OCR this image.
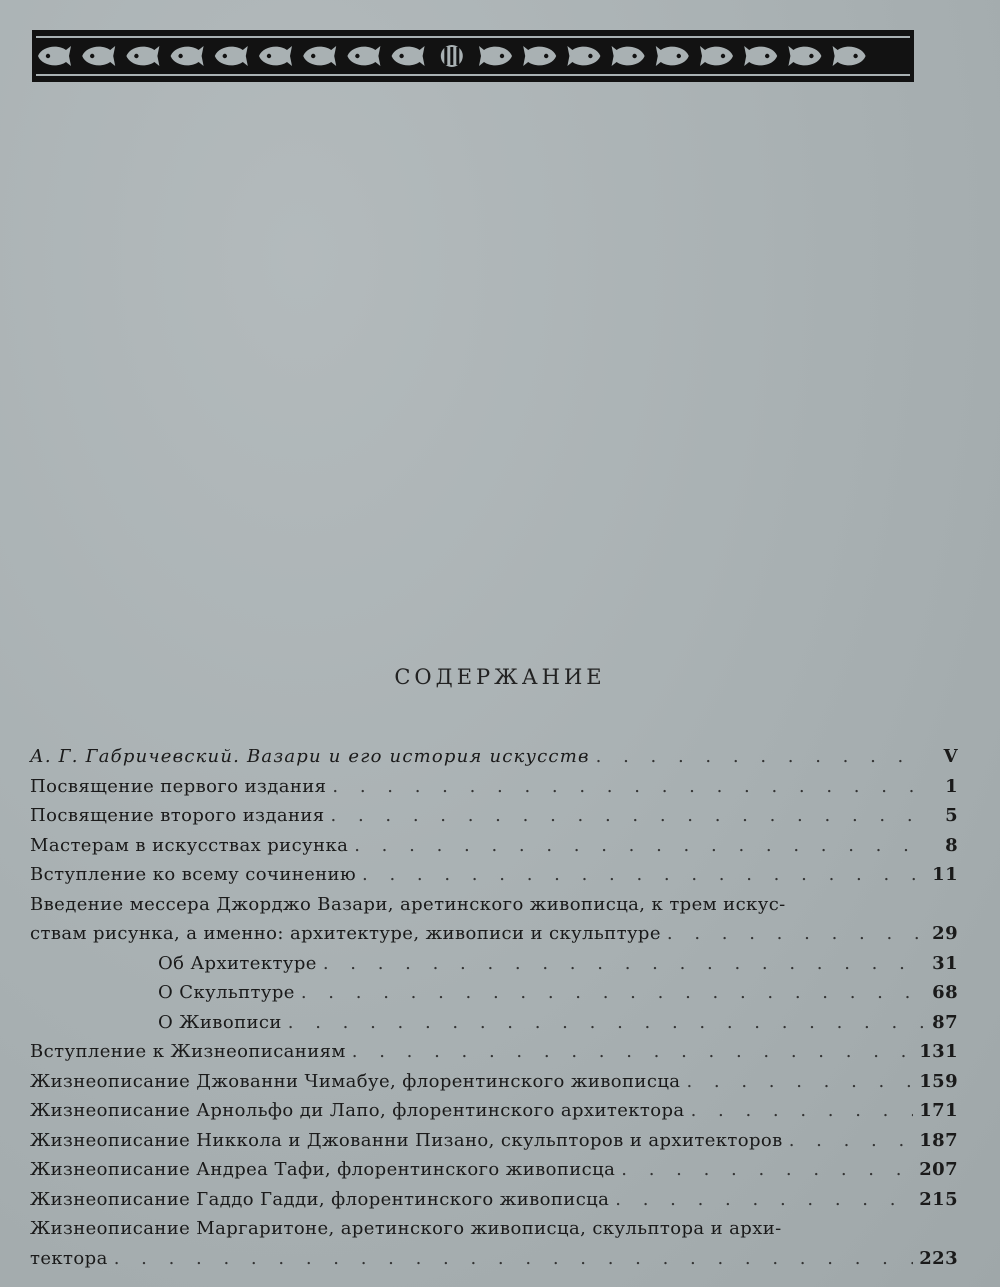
СОДЕРЖАНИЕ
А. Г. Габричевский. Вазари и его история искусств . . .	V
Посвящение первого издания . . .	1
Посвящение второго издания . . .	5
Мастерам в искусствах рисунка . . .	8
Вступление ко всему сочинению . . .	11
Введение мессера Джорджо Вазари, аретинского живописца, к трем искус-
ствам рисунка, а именно: архитектуре, живописи и скульптуре . . .	29
Об Архитектуре . . .	31
О Скульптуре . . .	68
О Живописи . . .	87
Вступление к Жизнеописаниям . . .	131
Жизнеописание Джованни Чимабуе, флорентинского живописца . . .	159
Жизнеописание Арнольфо ди Лапо, флорентинского архитектора . . .	171
Жизнеописание Никкола и Джованни Пизано, скульпторов и архитекторов . . .	187
Жизнеописание Андреа Тафи, флорентинского живописца . . .	207
Жизнеописание Гаддо Гадди, флорентинского живописца . . .	215
Жизнеописание Маргаритоне, аретинского живописца, скульптора и архи-
тектора . . .	223
